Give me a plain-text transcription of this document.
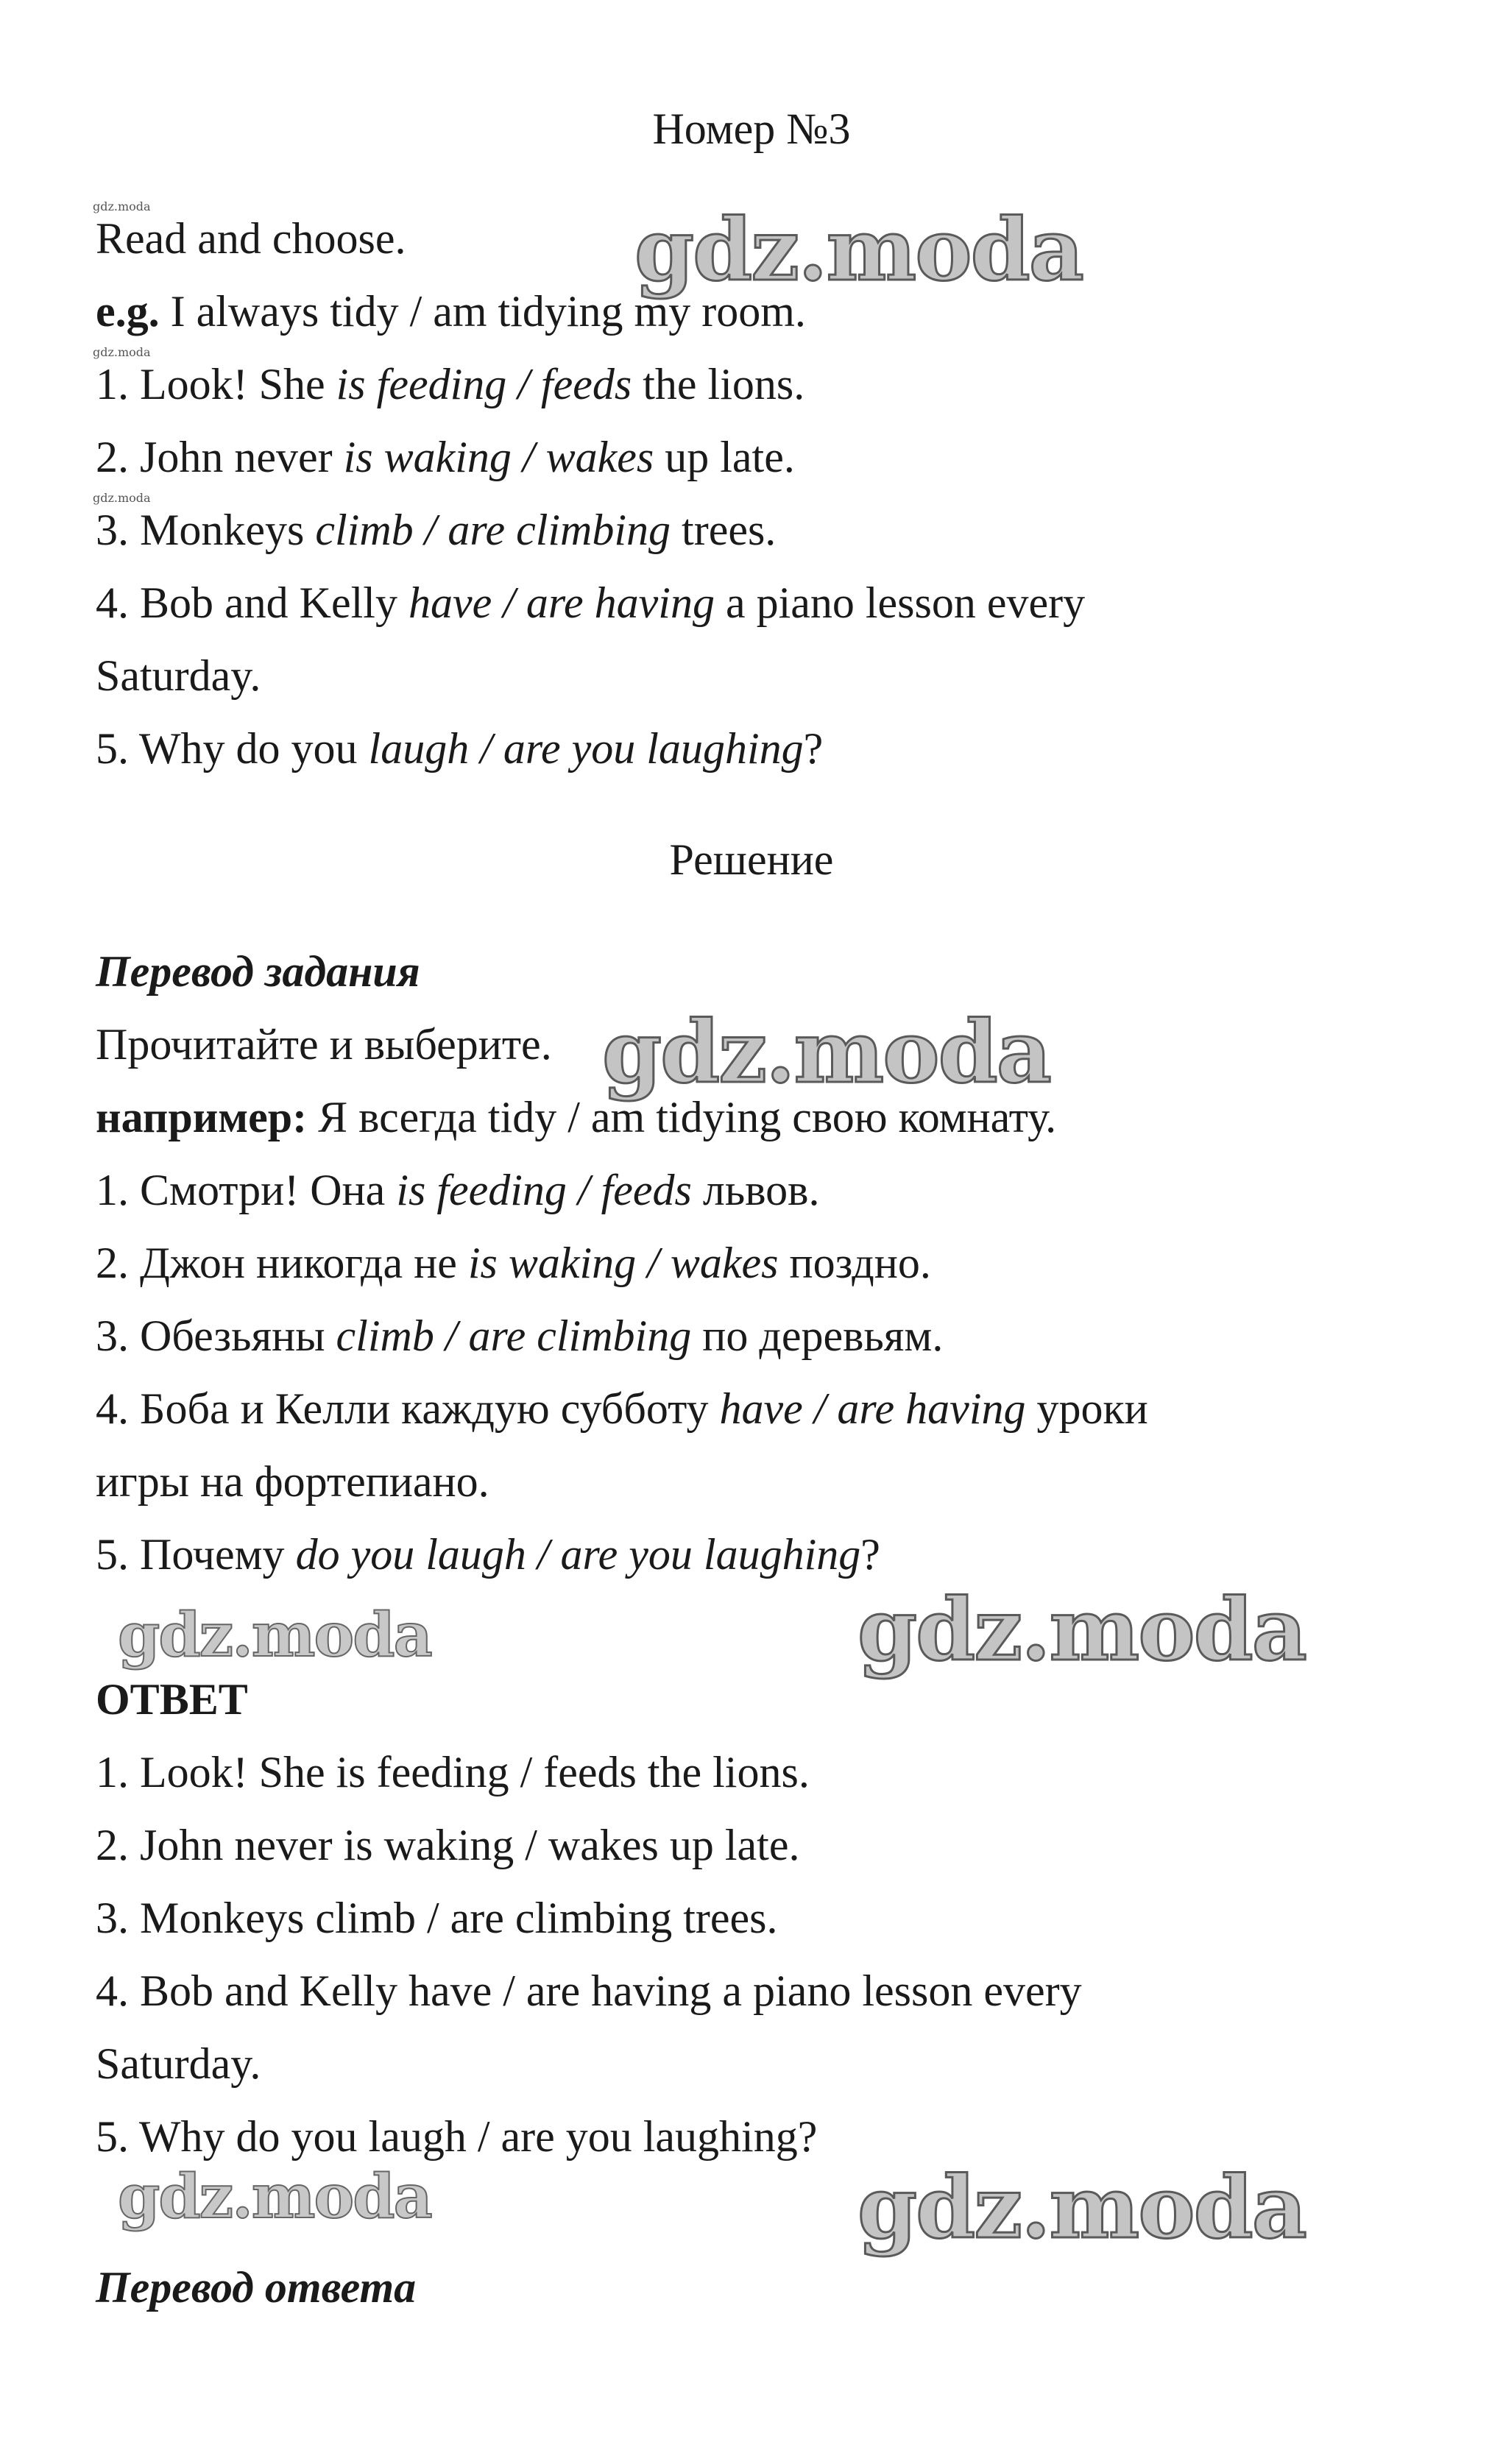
Номер №3
gdz.moda
gdz.moda
gdz.moda
Read and choose.
e.g. I always tidy / am tidying my room.
1. Look! She is feeding / feeds the lions.
2. John never is waking / wakes up late.
3. Monkeys climb / are climbing trees.
4. Bob and Kelly have / are having a piano lesson every
Saturday.
5. Why do you laugh / are you laughing?
Решение
Перевод задания
Прочитайте и выберите.
например: Я всегда tidy / am tidying свою комнату.
1. Смотри! Она is feeding / feeds львов.
2. Джон никогда не is waking / wakes поздно.
3. Обезьяны climb / are climbing по деревьям.
4. Боба и Келли каждую субботу have / are having уроки
игры на фортепиано.
5. Почему do you laugh / are you laughing?
ОТВЕТ
1. Look! She is feeding / feeds the lions.
2. John never is waking / wakes up late.
3. Monkeys climb / are climbing trees.
4. Bob and Kelly have / are having a piano lesson every
Saturday.
5. Why do you laugh / are you laughing?
Перевод ответа
gdz.moda
gdz.moda
gdz.moda	gdz.moda
gdz.moda	gdz.moda
